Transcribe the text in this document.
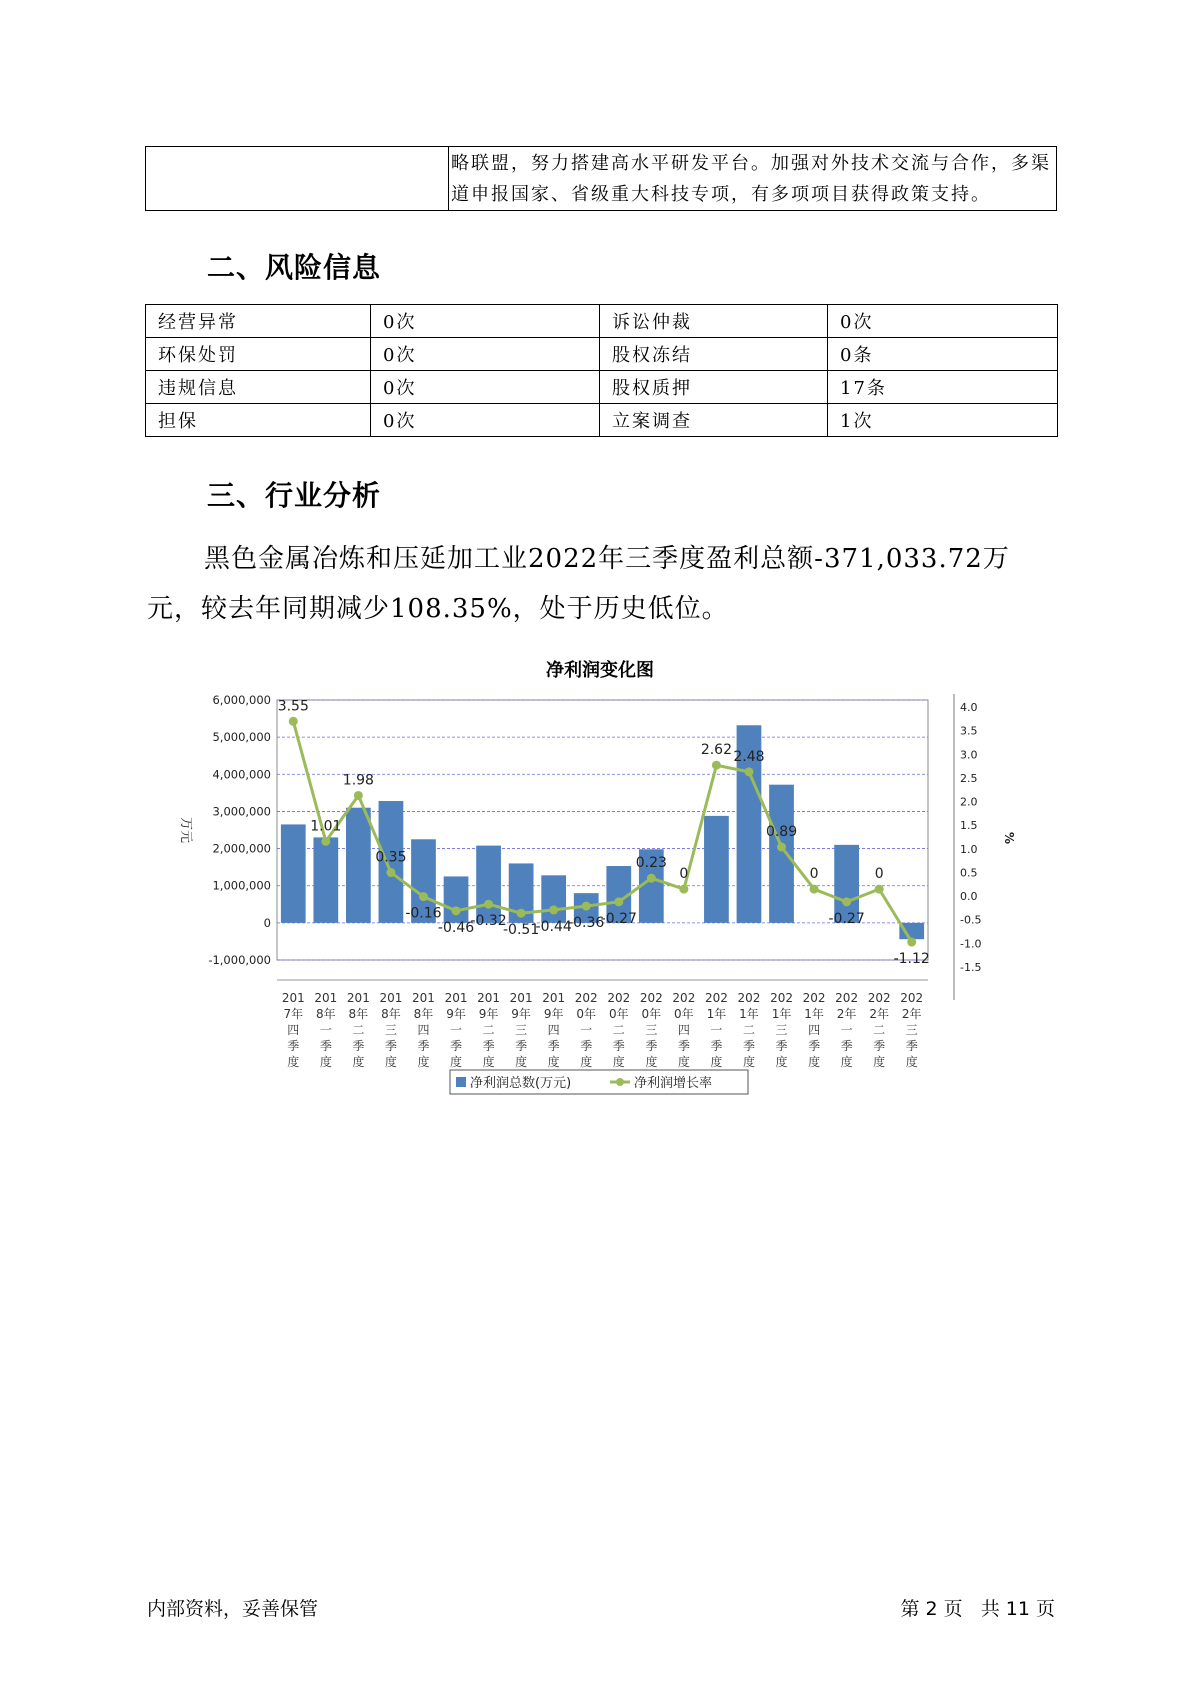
	略联盟，努力搭建高水平研发平台。加强对外技术交流与合作，多渠道申报国家、省级重大科技专项，有多项项目获得政策支持。
二、风险信息
经营异常	0次	诉讼仲裁	0次
环保处罚	0次	股权冻结	0条
违规信息	0次	股权质押	17条
担保	0次	立案调查	1次
三、行业分析

黑色金属冶炼和压延加工业2022年三季度盈利总额-371,033.72万元，较去年同期减少108.35%，处于历史低位。

净利润变化图
6,000,000
5,000,000
4,000,000
3,000,000
2,000,000
1,000,000
0
-1,000,000
4.0
3.5
3.0
2.5
2.0
1.5
1.0
0.5
0.0
-0.5
-1.0
-1.5
万元	%
3.55
1.01
1.98
0.35
-0.16
-0.46
-0.32
-0.51
-0.44
-0.36
-0.27
0.23
0
2.62 2.48
0.89
0
-0.27
0
-1.12
201
7年
四
季
度
201
8年
一
季
度
201
8年
二
季
度
201
8年
三
季
度
201
8年
四
季
度
201
9年
一
季
度
201
9年
二
季
度
201
9年
三
季
度
201
9年
四
季
度
202
0年
一
季
度
202
0年
二
季
度
202
0年
三
季
度
202
0年
四
季
度
202
1年
一
季
度
202
1年
二
季
度
202
1年
三
季
度
202
1年
四
季
度
202
2年
一
季
度
202
2年
二
季
度
202
2年
三
季
度
净利润总数(万元)	净利润增长率
内部资料，妥善保管	第 2 页   共 11 页
